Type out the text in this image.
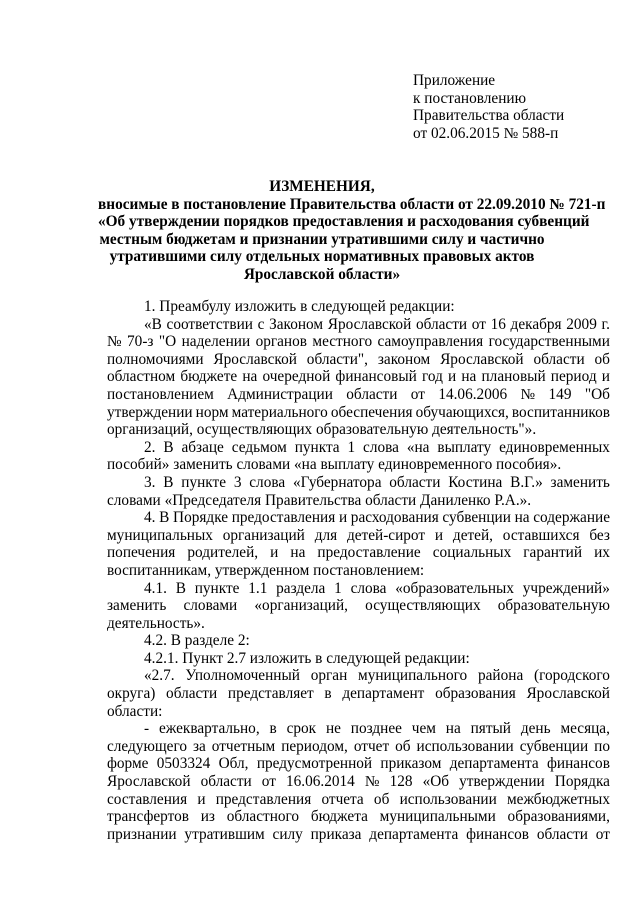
Приложение
к постановлению
Правительства области
от 02.06.2015 № 588-п
ИЗМЕНЕНИЯ,
вносимые в постановление Правительства области от 22.09.2010 № 721-п
«Об утверждении порядков предоставления и расходования субвенций
местным бюджетам и признании утратившими силу и частично
утратившими силу отдельных нормативных правовых актов
Ярославской области»
1. Преамбулу изложить в следующей редакции:
«В соответствии с Законом Ярославской области от 16 декабря 2009 г.
№ 70-з "О наделении органов местного самоуправления государственными
полномочиями Ярославской области", законом Ярославской области об
областном бюджете на очередной финансовый год и на плановый период и
постановлением Администрации области от 14.06.2006 № 149 "Об
утверждении норм материального обеспечения обучающихся, воспитанников
организаций, осуществляющих образовательную деятельность"».
2. В абзаце седьмом пункта 1 слова «на выплату единовременных
пособий» заменить словами «на выплату единовременного пособия».
3. В пункте 3 слова «Губернатора области Костина В.Г.» заменить
словами «Председателя Правительства области Даниленко Р.А.».
4. В Порядке предоставления и расходования субвенции на содержание
муниципальных организаций для детей-сирот и детей, оставшихся без
попечения родителей, и на предоставление социальных гарантий их
воспитанникам, утвержденном постановлением:
4.1. В пункте 1.1 раздела 1 слова «образовательных учреждений»
заменить словами «организаций, осуществляющих образовательную
деятельность».
4.2. В разделе 2:
4.2.1. Пункт 2.7 изложить в следующей редакции:
«2.7. Уполномоченный орган муниципального района (городского
округа) области представляет в департамент образования Ярославской
области:
- ежеквартально, в срок не позднее чем на пятый день месяца,
следующего за отчетным периодом, отчет об использовании субвенции по
форме 0503324 Обл, предусмотренной приказом департамента финансов
Ярославской области от 16.06.2014 № 128 «Об утверждении Порядка
составления и представления отчета об использовании межбюджетных
трансфертов из областного бюджета муниципальными образованиями,
признании утратившим силу приказа департамента финансов области от
